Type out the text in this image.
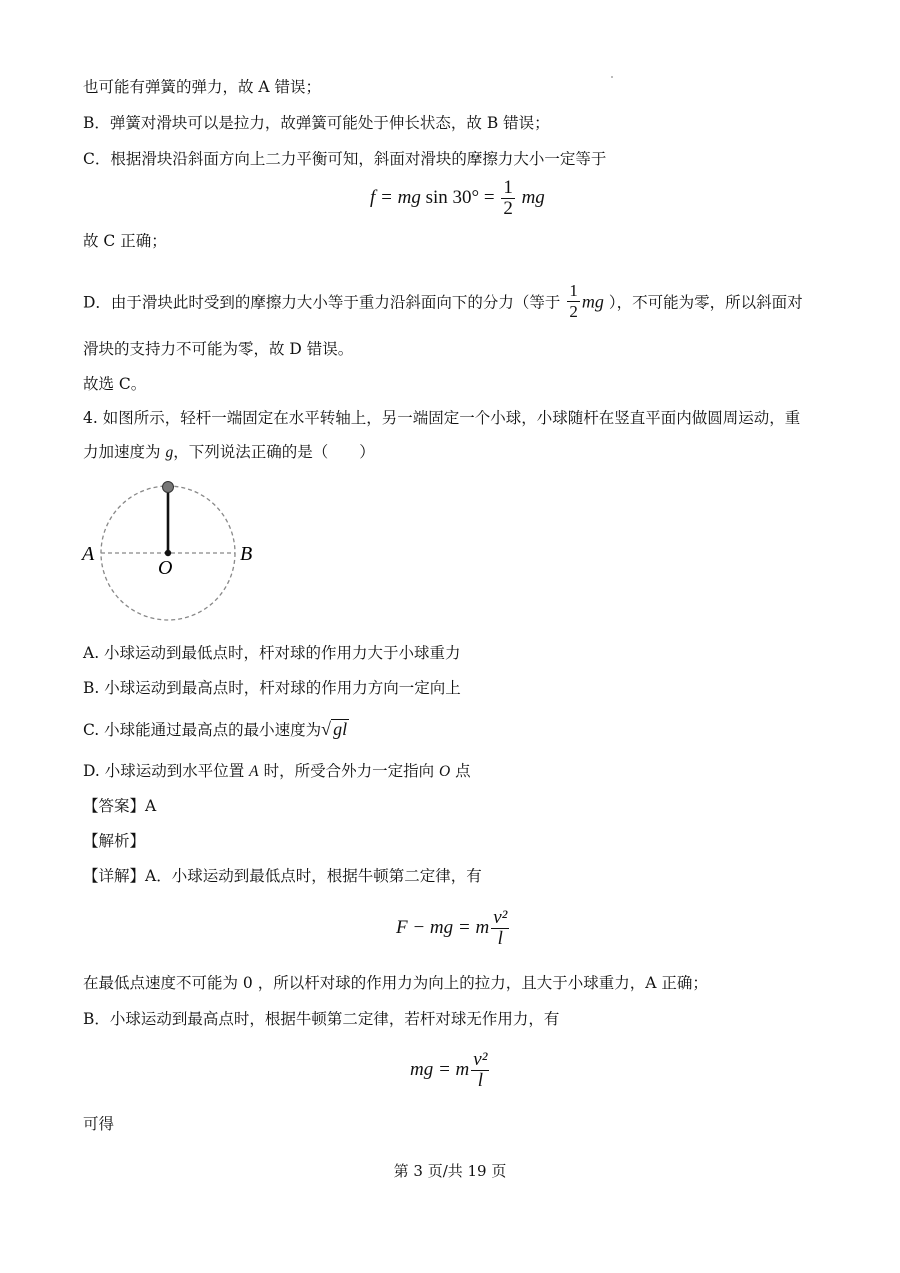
也可能有弹簧的弹力，故 A 错误；
B．弹簧对滑块可以是拉力，故弹簧可能处于伸长状态，故 B 错误；
C．根据滑块沿斜面方向上二力平衡可知，斜面对滑块的摩擦力大小一定等于
f = mg $\sin 30^\circ = \frac{1}{2}$ mg
故 C 正确；
D．由于滑块此时受到的摩擦力大小等于重力沿斜面向下的分力（等于 $\frac{1}{2}$ mg ），不可能为零，所以斜面对
滑块的支持力不可能为零，故 D 错误。
故选 C。
4. 如图所示，轻杆一端固定在水平转轴上，另一端固定一个小球，小球随杆在竖直平面内做圆周运动，重
力加速度为 g，下列说法正确的是（　　）
A	B
O
A. 小球运动到最低点时，杆对球的作用力大于小球重力
B. 小球运动到最高点时，杆对球的作用力方向一定向上
C. 小球能通过最高点的最小速度为√ gl
D. 小球运动到水平位置 A 时，所受合外力一定指向 O 点
【答案】A
【解析】
【详解】A．小球运动到最低点时，根据牛顿第二定律，有
F − mg = m $\frac{\text{v²}}{l}$
在最低点速度不可能为 0 ，所以杆对球的作用力为向上的拉力，且大于小球重力，A 正确；
B．小球运动到最高点时，根据牛顿第二定律，若杆对球无作用力，有
mg = m $\frac{\text{v²}}{l}$
可得
第 3 页/共 19 页
